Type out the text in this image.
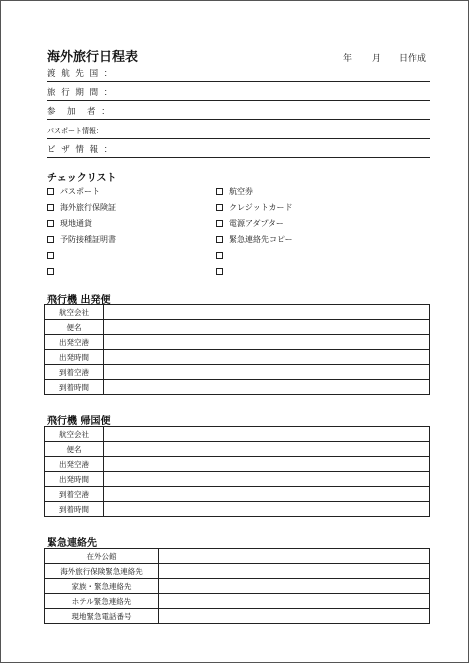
海外旅行日程表	年 月 日作成
渡 航 先 国 ：
旅 行 期 間 ：
参　加　者 ：
パスポート情報：
ビ ザ 情 報 ：
チェックリスト
パスポート
海外旅行保険証
現地通貨
予防接種証明書
航空券
クレジットカード
電源アダプター
緊急連絡先コピー
飛行機 出発便
航空会社	
便名	
出発空港	
出発時間	
到着空港	
到着時間	
飛行機 帰国便
航空会社	
便名	
出発空港	
出発時間	
到着空港	
到着時間	
緊急連絡先
在外公館	
海外旅行保険緊急連絡先	
家族・緊急連絡先	
ホテル緊急連絡先	
現地緊急電話番号	
